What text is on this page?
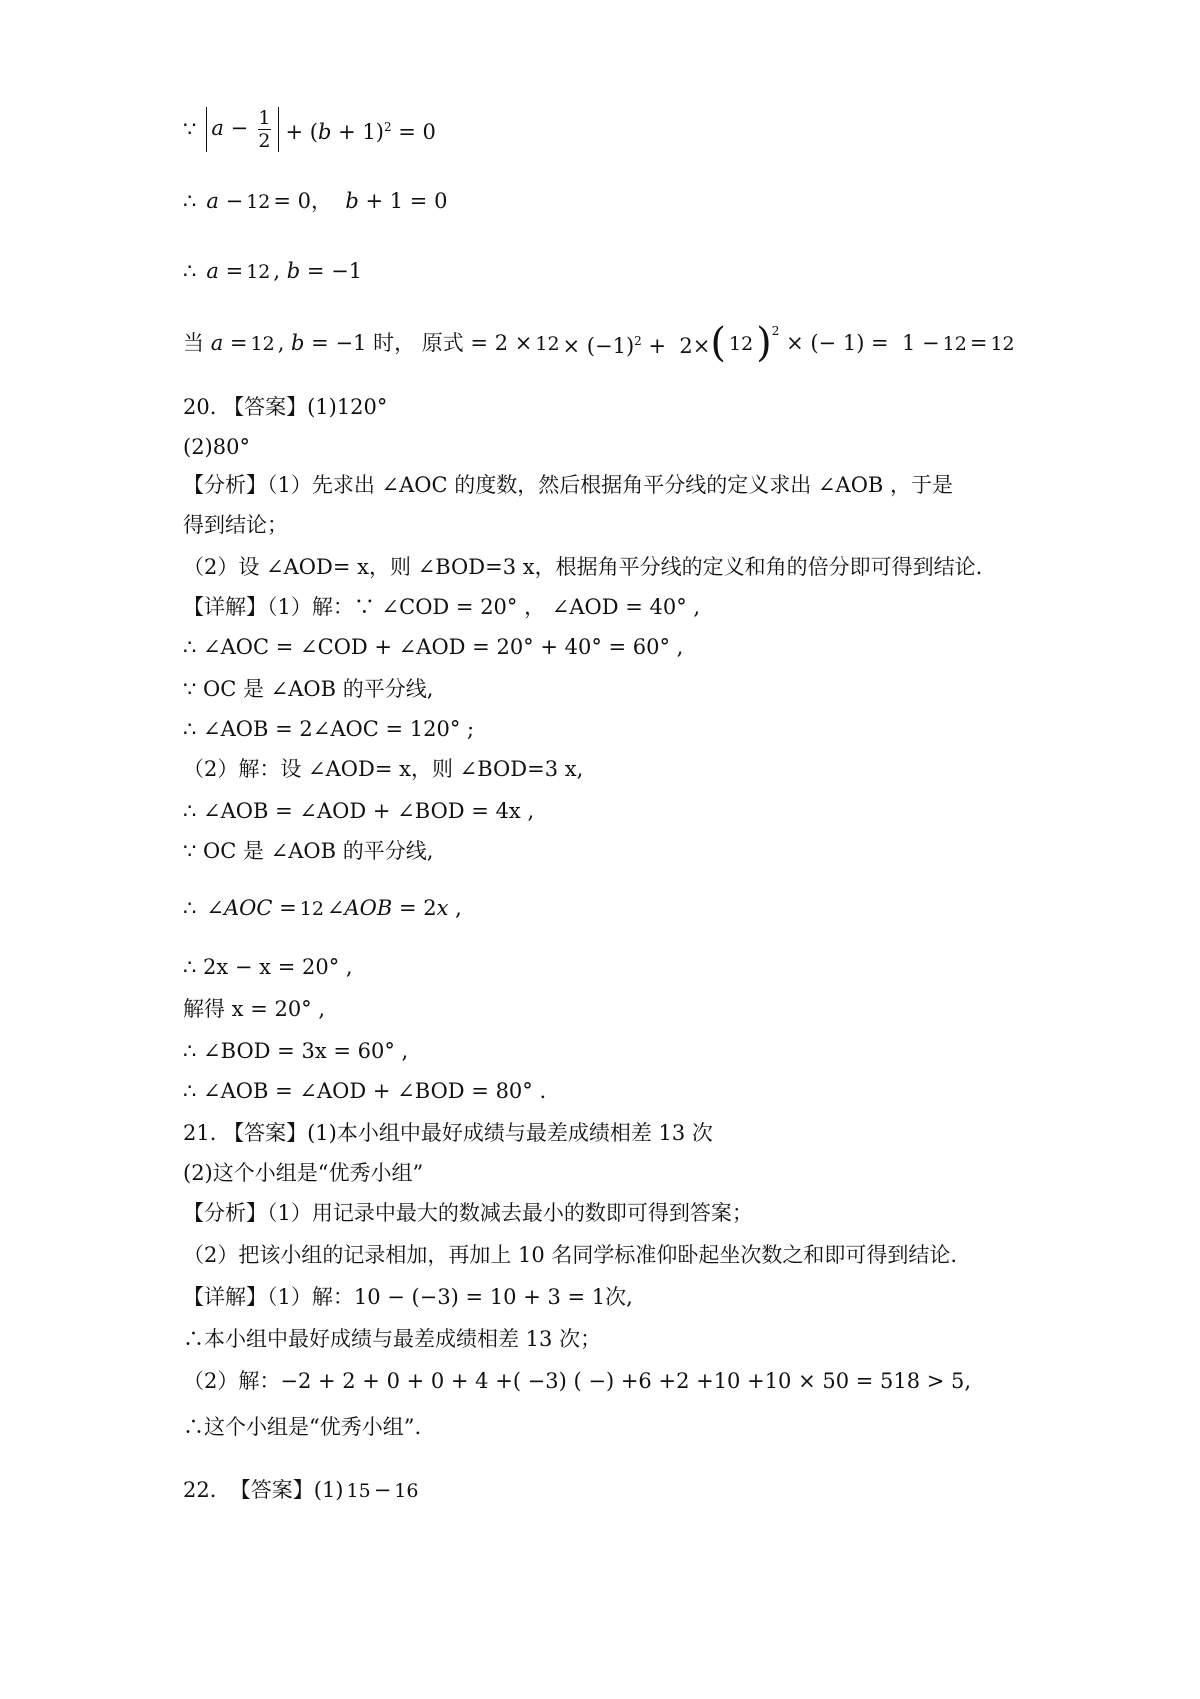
∵ $a - \frac{1}{2} + (b + 1)^2 = 0$
∴ a − 12 = 0，  b + 1 = 0
∴ a = 12 , b = −1
当 a = 12 , b = −1 时， 原式 = $2 \times 12 \times (-1)^2 + 2\times$ ( 12 )$^2$ × (− 1) =  1 − 12 = 12
20. 【答案】(1)120°
(2)80°
【分析】（1）先求出 ∠AOC 的度数，然后根据角平分线的定义求出 ∠AOB ，于是
得到结论；
（2）设 ∠AOD= x，则 ∠BOD=3 x，根据角平分线的定义和角的倍分即可得到结论.
【详解】（1）解：∵ ∠COD = 20° ， ∠AOD = 40° ,
∴ ∠AOC = ∠COD + ∠AOD = 20° + 40° = 60° ,
∵ OC 是 ∠AOB 的平分线,
∴ ∠AOB = 2∠AOC = 120° ;
（2）解：设 ∠AOD= x，则 ∠BOD=3 x,
∴ ∠AOB = ∠AOD + ∠BOD = 4x ,
∵ OC 是 ∠AOB 的平分线,
∴ ∠AOC = 12 ∠AOB = 2x ,
∴ 2x − x = 20° ,
解得 x = 20° ,
∴ ∠BOD = 3x = 60° ,
∴ ∠AOB = ∠AOD + ∠BOD = 80° .
21. 【答案】(1)本小组中最好成绩与最差成绩相差 13 次
(2)这个小组是“优秀小组”
【分析】（1）用记录中最大的数减去最小的数即可得到答案；
（2）把该小组的记录相加，再加上 10 名同学标准仰卧起坐次数之和即可得到结论.
【详解】（1）解：10 − (−3) = 10 + 3 = 1次,
∴本小组中最好成绩与最差成绩相差 13 次；
（2）解：−2 + 2 + 0 + 0 + 4 +( −3) ( −) +6 +2 +10 +10 × 50 = 518 > 5,
∴这个小组是“优秀小组”.
22.  【答案】(1) 15 − 16
